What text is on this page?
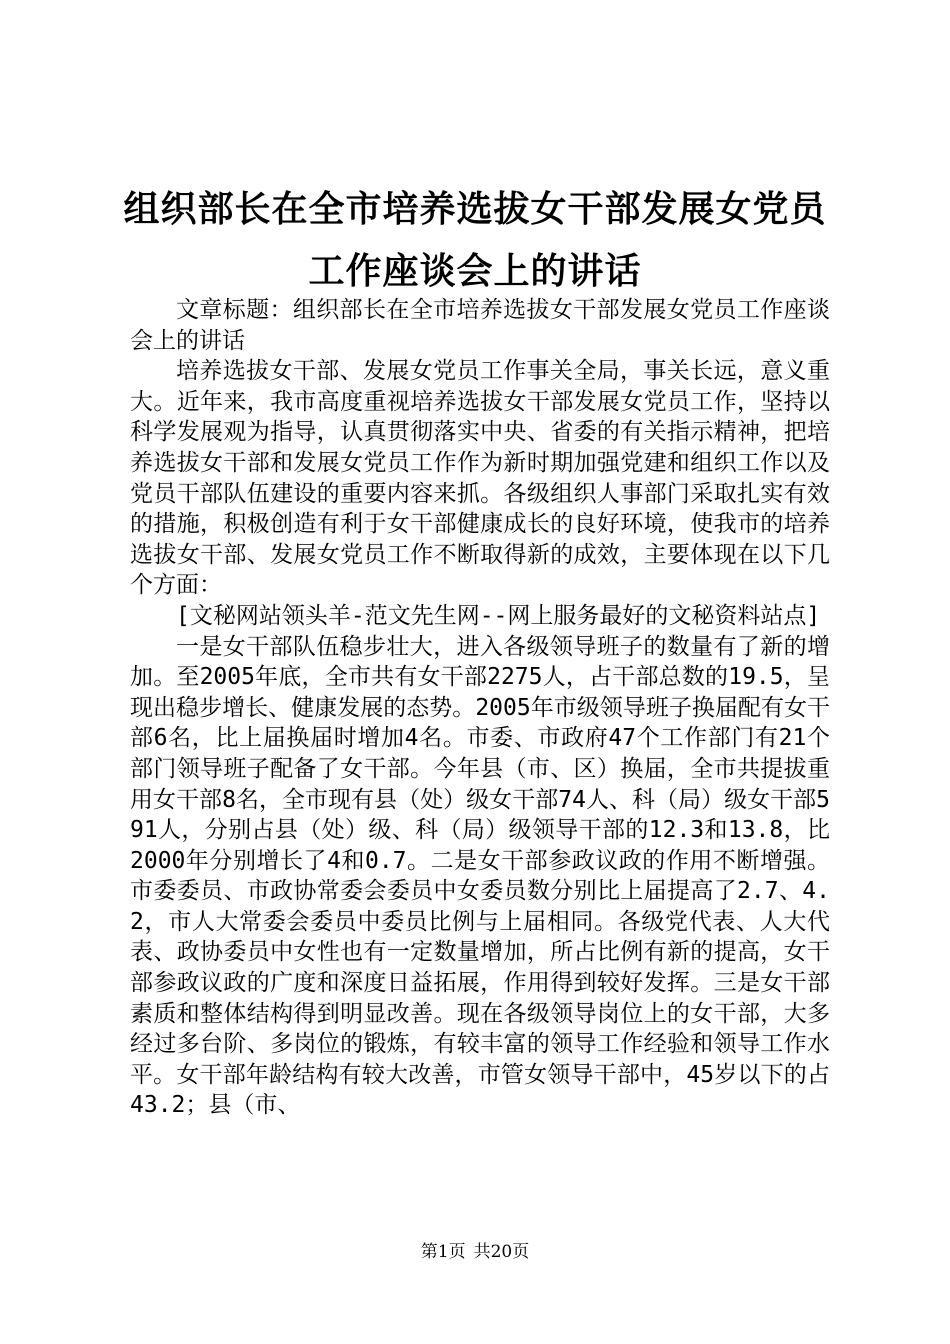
组织部长在全市培养选拔女干部发展女党员工作座谈会上的讲话

文章标题：组织部长在全市培养选拔女干部发展女党员工作座谈会上的讲话

培养选拔女干部、发展女党员工作事关全局，事关长远，意义重大。近年来，我市高度重视培养选拔女干部发展女党员工作，坚持以科学发展观为指导，认真贯彻落实中央、省委的有关指示精神，把培养选拔女干部和发展女党员工作作为新时期加强党建和组织工作以及党员干部队伍建设的重要内容来抓。各级组织人事部门采取扎实有效的措施，积极创造有利于女干部健康成长的良好环境，使我市的培养选拔女干部、发展女党员工作不断取得新的成效，主要体现在以下几个方面：

[文秘网站领头羊-范文先生网--网上服务最好的文秘资料站点]

一是女干部队伍稳步壮大，进入各级领导班子的数量有了新的增加。至2005年底，全市共有女干部2275人，占干部总数的19.5，呈现出稳步增长、健康发展的态势。2005年市级领导班子换届配有女干部6名，比上届换届时增加4名。市委、市政府47个工作部门有21个部门领导班子配备了女干部。今年县（市、区）换届，全市共提拔重用女干部8名，全市现有县（处）级女干部74人、科（局）级女干部591人，分别占县（处）级、科（局）级领导干部的12.3和13.8，比2000年分别增长了4和0.7。二是女干部参政议政的作用不断增强。市委委员、市政协常委会委员中女委员数分别比上届提高了2.7、4.2，市人大常委会委员中委员比例与上届相同。各级党代表、人大代表、政协委员中女性也有一定数量增加，所占比例有新的提高，女干部参政议政的广度和深度日益拓展，作用得到较好发挥。三是女干部素质和整体结构得到明显改善。现在各级领导岗位上的女干部，大多经过多台阶、多岗位的锻炼，有较丰富的领导工作经验和领导工作水平。女干部年龄结构有较大改善，市管女领导干部中，45岁以下的占43.2；县（市、

第1页 共20页
